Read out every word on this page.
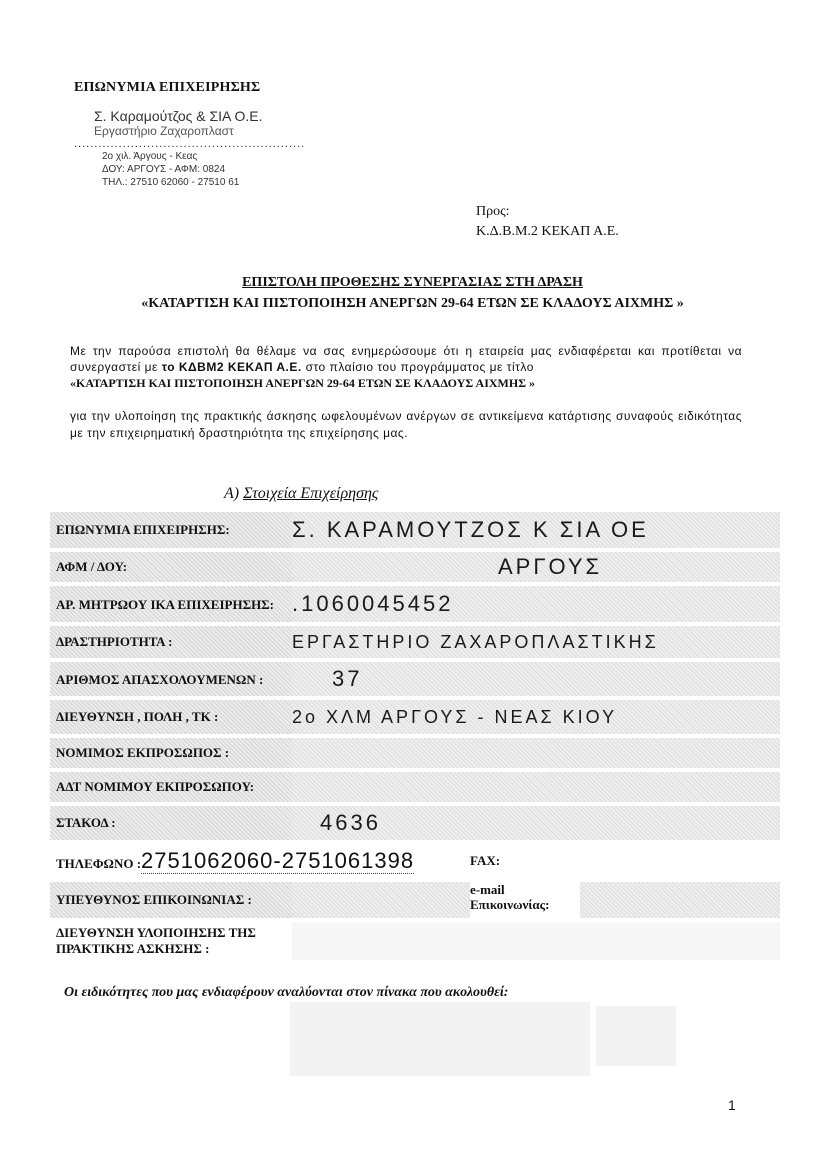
ΕΠΩΝΥΜΙΑ ΕΠΙΧΕΙΡΗΣΗΣ
Σ. Καραμούτζος & ΣΙΑ Ο.Ε.
Εργαστήριο Ζαχαροπλαστ
.........................................................
2ο χιλ. Άργους - Κεας
ΔΟΥ: ΑΡΓΟΥΣ - ΑΦΜ: 0824
ΤΗΛ.: 27510 62060 - 27510 61
Προς:
Κ.Δ.Β.Μ.2 ΚΕΚΑΠ Α.Ε.
ΕΠΙΣΤΟΛΗ ΠΡΟΘΕΣΗΣ ΣΥΝΕΡΓΑΣΙΑΣ ΣΤΗ ΔΡΑΣΗ
«ΚΑΤΑΡΤΙΣΗ ΚΑΙ ΠΙΣΤΟΠΟΙΗΣΗ ΑΝΕΡΓΩΝ 29-64 ΕΤΩΝ ΣΕ ΚΛΑΔΟΥΣ ΑΙΧΜΗΣ »
Με την παρούσα επιστολή θα θέλαμε να σας ενημερώσουμε ότι η εταιρεία μας ενδιαφέρεται και προτίθεται να συνεργαστεί με το ΚΔΒΜ2 ΚΕΚΑΠ Α.Ε. στο πλαίσιο του προγράμματος με τίτλο
«ΚΑΤΑΡΤΙΣΗ ΚΑΙ ΠΙΣΤΟΠΟΙΗΣΗ ΑΝΕΡΓΩΝ 29-64 ΕΤΩΝ ΣΕ ΚΛΑΔΟΥΣ ΑΙΧΜΗΣ »
για την υλοποίηση της πρακτικής άσκησης ωφελουμένων ανέργων σε αντικείμενα κατάρτισης συναφούς ειδικότητας με την επιχειρηματική δραστηριότητα της επιχείρησης μας.
Α) Στοιχεία Επιχείρησης
ΕΠΩΝΥΜΙΑ ΕΠΙΧΕΙΡΗΣΗΣ:	Σ. ΚΑΡΑΜΟΥΤΖΟΣ Κ ΣΙΑ ΟΕ		

ΑΦΜ / ΔΟΥ:	ΑΡΓΟΥΣ		

ΑΡ. ΜΗΤΡΩΟΥ ΙΚΑ ΕΠΙΧΕΙΡΗΣΗΣ:	.1060045452		

ΔΡΑΣΤΗΡΙΟΤΗΤΑ :	ΕΡΓΑΣΤΗΡΙΟ ΖΑΧΑΡΟΠΛΑΣΤΙΚΗΣ		

ΑΡΙΘΜΟΣ ΑΠΑΣΧΟΛΟΥΜΕΝΩΝ :	37		

ΔΙΕΥΘΥΝΣΗ , ΠΟΛΗ , ΤΚ :	2ο ΧΛΜ ΑΡΓΟΥΣ - ΝΕΑΣ ΚΙΟΥ		

ΝΟΜΙΜΟΣ ΕΚΠΡΟΣΩΠΟΣ :			

ΑΔΤ ΝΟΜΙΜΟΥ ΕΚΠΡΟΣΩΠΟΥ:			

ΣΤΑΚΟΔ :	4636		

ΤΗΛΕΦΩΝΟ :2751062060-2751061398		FAX:	

ΥΠΕΥΘΥΝΟΣ ΕΠΙΚΟΙΝΩΝΙΑΣ :		e-mail
Επικοινωνίας:	

ΔΙΕΥΘΥΝΣΗ ΥΛΟΠΟΙΗΣΗΣ ΤΗΣ ΠΡΑΚΤΙΚΗΣ ΑΣΚΗΣΗΣ :			
Οι ειδικότητες που μας ενδιαφέρουν αναλύονται στον πίνακα που ακολουθεί:
1
